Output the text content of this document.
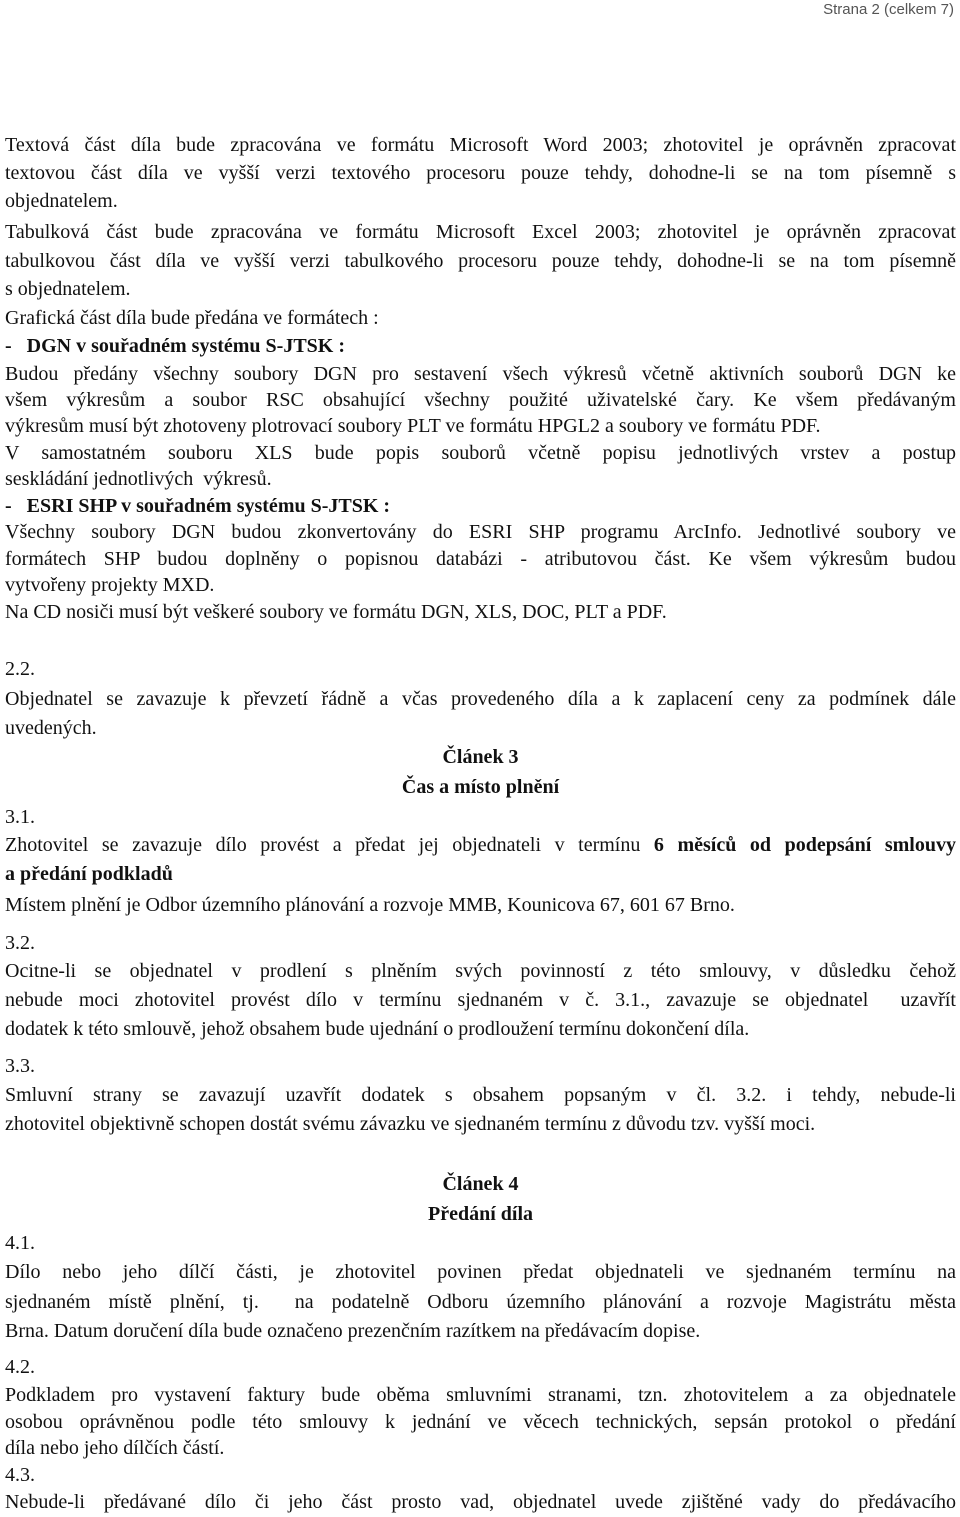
Strana 2 (celkem 7)
Textová část díla bude zpracována ve formátu Microsoft Word 2003; zhotovitel je oprávněn zpracovat
textovou část díla ve vyšší verzi textového procesoru pouze tehdy, dohodne-li se na tom písemně s
objednatelem.
Tabulková část bude zpracována ve formátu Microsoft Excel 2003; zhotovitel je oprávněn zpracovat
tabulkovou část díla ve vyšší verzi tabulkového procesoru pouze tehdy, dohodne-li se na tom písemně
s objednatelem.
Grafická část díla bude předána ve formátech :
-   DGN v souřadném systému S-JTSK :
Budou předány všechny soubory DGN pro sestavení všech výkresů včetně aktivních souborů DGN ke
všem výkresům a soubor RSC obsahující všechny použité uživatelské čary. Ke všem předávaným
výkresům musí být zhotoveny plotrovací soubory PLT ve formátu HPGL2 a soubory ve formátu PDF.
V samostatném souboru XLS bude popis souborů včetně popisu jednotlivých vrstev a postup
seskládání jednotlivých  výkresů.
-   ESRI SHP v souřadném systému S-JTSK :
Všechny soubory DGN budou zkonvertovány do ESRI SHP programu ArcInfo. Jednotlivé soubory ve
formátech SHP budou doplněny o popisnou databázi - atributovou část. Ke všem výkresům budou
vytvořeny projekty MXD.
Na CD nosiči musí být veškeré soubory ve formátu DGN, XLS, DOC, PLT a PDF.
2.2.
Objednatel se zavazuje k převzetí řádně a včas provedeného díla a k zaplacení ceny za podmínek dále
uvedených.
Článek 3
Čas a místo plnění
3.1.
Zhotovitel se zavazuje dílo provést a předat jej objednateli v termínu 6 měsíců od podepsání smlouvy
a předání podkladů
Místem plnění je Odbor územního plánování a rozvoje MMB, Kounicova 67, 601 67 Brno.
3.2.
Ocitne-li se objednatel v prodlení s plněním svých povinností z této smlouvy, v důsledku čehož
nebude moci zhotovitel provést dílo v termínu sjednaném v č. 3.1., zavazuje se objednatel  uzavřít
dodatek k této smlouvě, jehož obsahem bude ujednání o prodloužení termínu dokončení díla.
3.3.
Smluvní strany se zavazují uzavřít dodatek s obsahem popsaným v čl. 3.2. i tehdy, nebude-li
zhotovitel objektivně schopen dostát svému závazku ve sjednaném termínu z důvodu tzv. vyšší moci.
Článek 4
Předání díla
4.1.
Dílo nebo jeho dílčí části, je zhotovitel povinen předat objednateli ve sjednaném termínu na
sjednaném místě plnění, tj.  na podatelně Odboru územního plánování a rozvoje Magistrátu města
Brna. Datum doručení díla bude označeno prezenčním razítkem na předávacím dopise.
4.2.
Podkladem pro vystavení faktury bude oběma smluvními stranami, tzn. zhotovitelem a za objednatele
osobou oprávněnou podle této smlouvy k jednání ve věcech technických, sepsán protokol o předání
díla nebo jeho dílčích částí.
4.3.
Nebude-li předávané dílo či jeho část prosto vad, objednatel uvede zjištěné vady do předávacího
